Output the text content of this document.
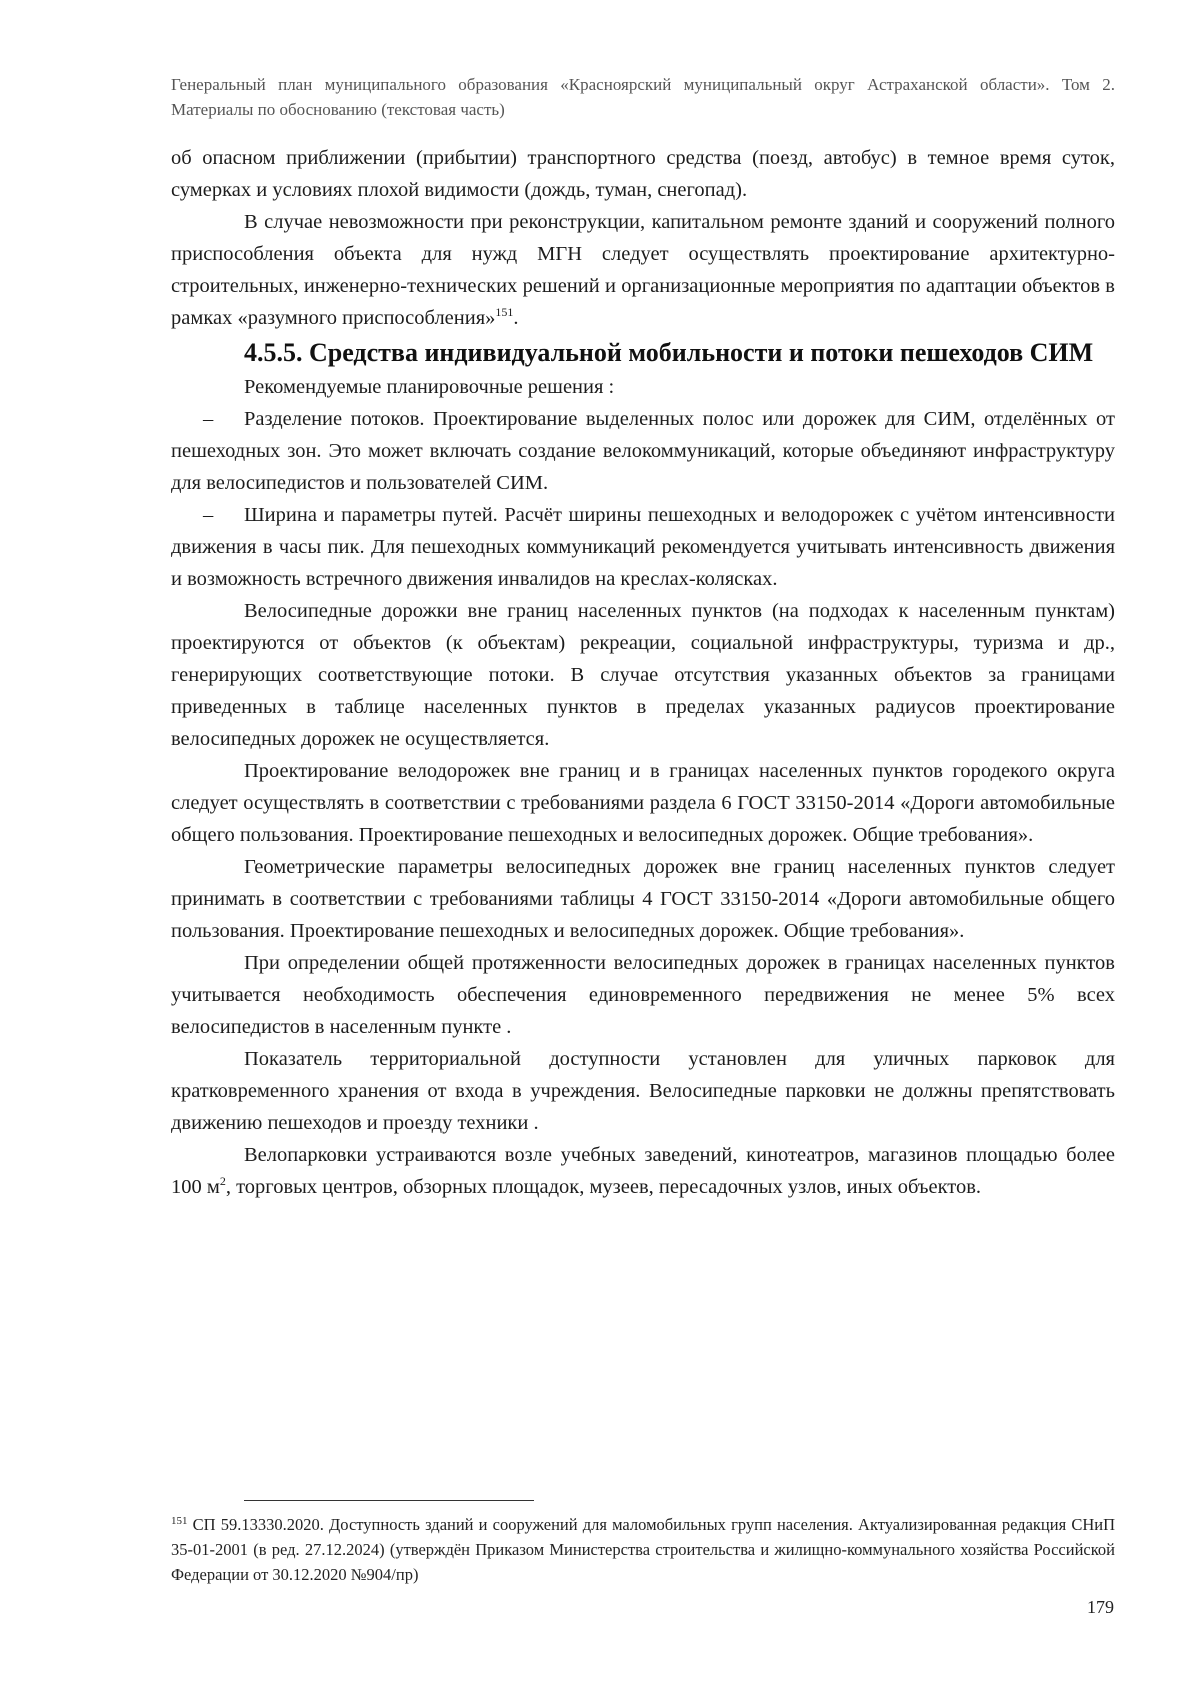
Генеральный план муниципального образования «Красноярский муниципальный округ Астраханской области». Том 2. Материалы по обоснованию (текстовая часть)

об опасном приближении (прибытии) транспортного средства (поезд, автобус) в темное время суток, сумерках и условиях плохой видимости (дождь, туман, снегопад).

В случае невозможности при реконструкции, капитальном ремонте зданий и сооружений полного приспособления объекта для нужд МГН следует осуществлять проектирование архитектурно-строительных, инженерно-технических решений и организационные мероприятия по адаптации объектов в рамках «разумного приспособления»$^{151}$.

4.5.5. Средства индивидуальной мобильности и потоки пешеходов СИМ

Рекомендуемые планировочные решения :

– Разделение потоков. Проектирование выделенных полос или дорожек для СИМ, отделённых от пешеходных зон. Это может включать создание велокоммуникаций, которые объединяют инфраструктуру для велосипедистов и пользователей СИМ.

– Ширина и параметры путей. Расчёт ширины пешеходных и велодорожек с учётом интенсивности движения в часы пик. Для пешеходных коммуникаций рекомендуется учитывать интенсивность движения и возможность встречного движения инвалидов на креслах-колясках.

Велосипедные дорожки вне границ населенных пунктов (на подходах к населенным пунктам) проектируются от объектов (к объектам) рекреации, социальной инфраструктуры, туризма и др., генерирующих соответствующие потоки. В случае отсутствия указанных объектов за границами приведенных в таблице населенных пунктов в пределах указанных радиусов проектирование велосипедных дорожек не осуществляется.

Проектирование велодорожек вне границ и в границах населенных пунктов городекого округа следует осуществлять в соответствии с требованиями раздела 6 ГОСТ 33150-2014 «Дороги автомобильные общего пользования. Проектирование пешеходных и велосипедных дорожек. Общие требования».

Геометрические параметры велосипедных дорожек вне границ населенных пунктов следует принимать в соответствии с требованиями таблицы 4 ГОСТ 33150-2014 «Дороги автомобильные общего пользования. Проектирование пешеходных и велосипедных дорожек. Общие требования».

При определении общей протяженности велосипедных дорожек в границах населенных пунктов учитывается необходимость обеспечения единовременного передвижения не менее 5% всех велосипедистов в населенным пункте .

Показатель территориальной доступности установлен для уличных парковок для кратковременного хранения от входа в учреждения. Велосипедные парковки не должны препятствовать движению пешеходов и проезду техники .

Велопарковки устраиваются возле учебных заведений, кинотеатров, магазинов площадью более 100 $м^2$, торговых центров, обзорных площадок, музеев, пересадочных узлов, иных объектов.

$^{151}$ СП 59.13330.2020. Доступность зданий и сооружений для маломобильных групп населения. Актуализированная редакция СНиП 35-01-2001 (в ред. 27.12.2024) (утверждён Приказом Министерства строительства и жилищно-коммунального хозяйства Российской Федерации от 30.12.2020 №904/пр)
179
